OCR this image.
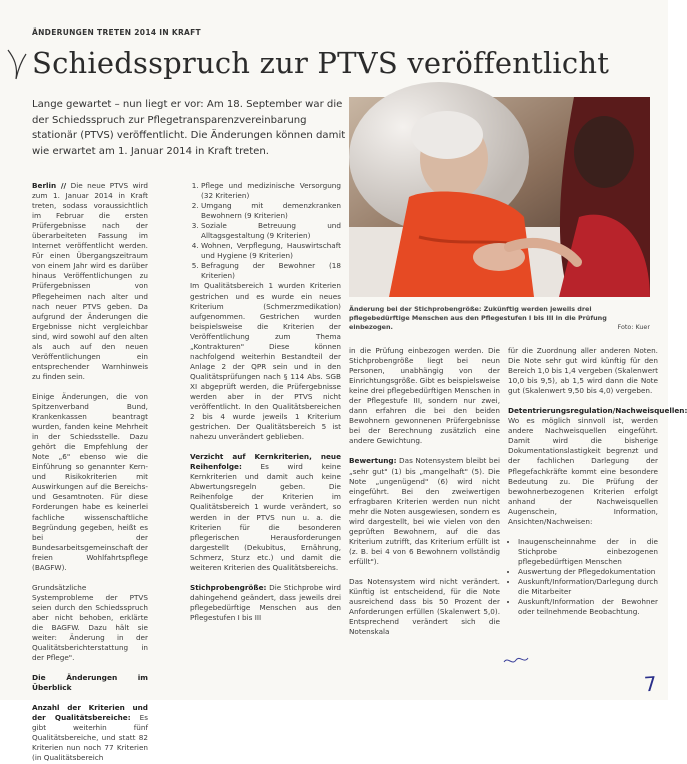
ÄNDERUNGEN TRETEN 2014 IN KRAFT
Schiedsspruch zur PTVS veröffentlicht

Lange gewartet – nun liegt er vor: Am 18. September war die der Schiedsspruch zur Pflegetransparenzvereinbarung stationär (PTVS) veröffentlicht. Die Änderungen können damit wie erwartet am 1. Januar 2014 in Kraft treten.

Berlin // Die neue PTVS wird zum 1. Januar 2014 in Kraft treten, sodass voraussichtlich im Februar die ersten Prüfergebnisse nach der überarbeiteten Fassung im Internet veröffentlicht werden. Für einen Übergangszeitraum von einem Jahr wird es darüber hinaus Veröffentlichungen zu Prüfergebnissen von Pflegeheimen nach alter und nach neuer PTVS geben. Da aufgrund der Änderungen die Ergebnisse nicht vergleichbar sind, wird sowohl auf den alten als auch auf den neuen Veröffentlichungen ein entsprechender Warnhinweis zu finden sein.

Einige Änderungen, die von Spitzenverband Bund, Krankenkassen beantragt wurden, fanden keine Mehrheit in der Schiedsstelle. Dazu gehört die Empfehlung der Note „6" ebenso wie die Einführung so genannter Kern- und Risikokriterien mit Auswirkungen auf die Bereichs- und Gesamtnoten. Für diese Forderungen habe es keinerlei fachliche wissenschaftliche Begründung gegeben, heißt es bei der Bundesarbeitsgemeinschaft der freien Wohlfahrtspflege (BAGFW).

Grundsätzliche Systemprobleme der PTVS seien durch den Schiedsspruch aber nicht behoben, erklärte die BAGFW. Dazu hält sie weiter: Änderung in der Qualitätsberichterstattung in der Pflege".

Die Änderungen im Überblick

Anzahl der Kriterien und der Qualitätsbereiche: Es gibt weiterhin fünf Qualitätsbereiche, und statt 82 Kriterien nun noch 77 Kriterien (in Qualitätsbereich

1. Pflege und medizinische Versorgung (32 Kriterien)
2. Umgang mit demenzkranken Bewohnern (9 Kriterien)
3. Soziale Betreuung und Alltagsgestaltung (9 Kriterien)
4. Wohnen, Verpflegung, Hauswirtschaft und Hygiene (9 Kriterien)
5. Befragung der Bewohner (18 Kriterien)

Im Qualitätsbereich 1 wurden Kriterien gestrichen und es wurde ein neues Kriterium (Schmerzmedikation) aufgenommen. Gestrichen wurden beispielsweise die Kriterien der Veröffentlichung zum Thema „Kontrakturen" Diese können nachfolgend weiterhin Bestandteil der Anlage 2 der QPR sein und in den Qualitätsprüfungen nach § 114 Abs. SGB XI abgeprüft werden, die Prüfergebnisse werden aber in der PTVS nicht veröffentlicht. In den Qualitätsbereichen 2 bis 4 wurde jeweils 1 Kriterium gestrichen. Der Qualitätsbereich 5 ist nahezu unverändert geblieben.

Verzicht auf Kernkriterien, neue Reihenfolge:	Es wird keine Kernkriterien und damit auch keine Abwertungsregeln geben. Die Reihenfolge der Kriterien im Qualitätsbereich 1 wurde verändert, so werden in der PTVS nun u. a. die Kriterien für die besonderen pflegerischen Herausforderungen dargestellt (Dekubitus, Ernährung, Schmerz, Sturz etc.) und damit die weiteren Kriterien des Qualitätsbereichs.

Stichprobengröße: Die Stichprobe wird dahingehend geändert, dass jeweils drei pflegebedürftige Menschen aus den Pflegestufen I bis III

Änderung bei der Stichprobengröße: Zukünftig werden jeweils drei pflegebedürftige Menschen aus den Pflegestufen I bis III in die Prüfung einbezogen.	Foto: Kuer

in die Prüfung einbezogen werden. Die Stichprobengröße liegt bei neun Personen, unabhängig von der Einrichtungsgröße. Gibt es beispielsweise keine drei pflegebedürftigen Menschen in der Pflegestufe III, sondern nur zwei, dann erfahren die bei den beiden Bewohnern gewonnenen Prüfergebnisse bei der Berechnung zusätzlich eine andere Gewichtung.

Bewertung: Das Notensystem bleibt bei „sehr gut" (1) bis „mangelhaft" (5). Die Note „ungenügend" (6) wird nicht eingeführt. Bei den zweiwertigen erfragbaren Kriterien werden nun nicht mehr die Noten ausgewiesen, sondern es wird dargestellt, bei wie vielen von den geprüften Bewohnern, auf die das Kriterium zutrifft, das Kriterium erfüllt ist (z. B. bei 4 von 6 Bewohnern vollständig erfüllt").

Das Notensystem wird nicht verändert. Künftig ist entscheidend, für die Note ausreichend dass bis 50 Prozent der Anforderungen erfüllen (Skalenwert 5,0). Entsprechend verändert sich die Notenskala

für die Zuordnung aller anderen Noten. Die Note sehr gut wird künftig für den Bereich 1,0 bis 1,4 vergeben (Skalenwert 10,0 bis 9,5), ab 1,5 wird dann die Note gut (Skalenwert 9,50 bis 4,0) vergeben.

Detentrierungsregulation/Nachweisquellen: Wo es möglich sinnvoll ist, werden andere Nachweisquellen eingeführt. Damit wird die bisherige Dokumentationslastigkeit begrenzt und der fachlichen Darlegung der Pflegefachkräfte kommt eine besondere Bedeutung zu. Die Prüfung der bewohnerbezogenen Kriterien erfolgt anhand der Nachweisquellen Augenschein, Information, Ansichten/Nachweisen:

• Inaugenscheinnahme der in die Stichprobe einbezogenen pflegebedürftigen Menschen
• Auswertung der Pflegedokumentation
• Auskunft/Information/Darlegung durch die Mitarbeiter
• Auskunft/Information der Bewohner oder teilnehmende Beobachtung.
7
